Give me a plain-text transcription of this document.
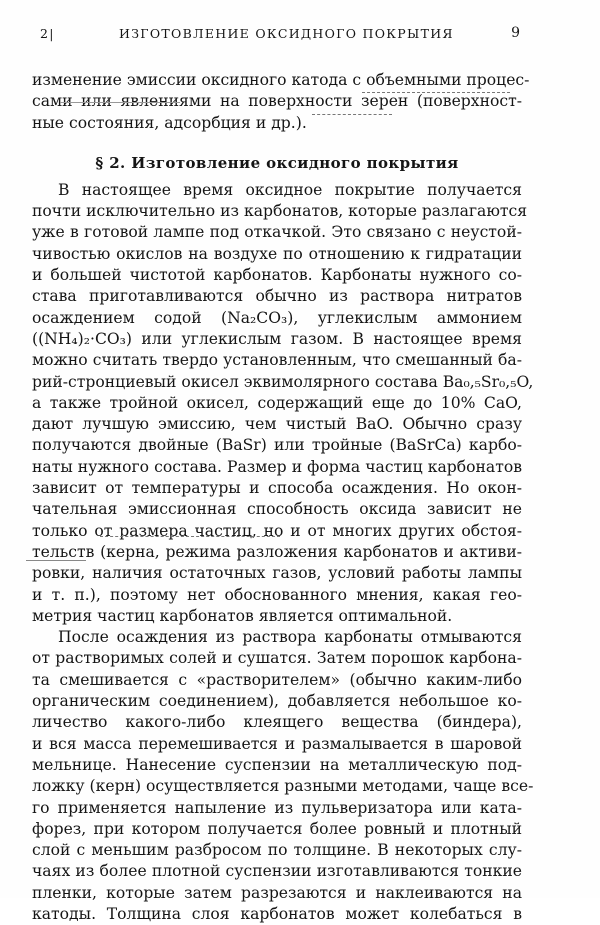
2|	ИЗГОТОВЛЕНИЕ ОКСИДНОГО ПОКРЫТИЯ	9
изменение эмиссии оксидного катода с объемными процес-
сами или явлениями на поверхности зерен (поверхност-
ные состояния, адсорбция и др.).
§ 2. Изготовление оксидного покрытия
В настоящее время оксидное покрытие получается
почти исключительно из карбонатов, которые разлагаются
уже в готовой лампе под откачкой. Это связано с неустой-
чивостью окислов на воздухе по отношению к гидратации
и большей чистотой карбонатов. Карбонаты нужного со-
става приготавливаются обычно из раствора нитратов
осаждением содой (Na₂CO₃), углекислым аммонием
((NH₄)₂·CO₃) или углекислым газом. В настоящее время
можно считать твердо установленным, что смешанный ба-
рий-стронциевый окисел эквимолярного состава Ba₀,₅Sr₀,₅O,
а также тройной окисел, содержащий еще до 10% CaO,
дают лучшую эмиссию, чем чистый BaO. Обычно сразу
получаются двойные (BaSr) или тройные (BaSrCa) карбо-
наты нужного состава. Размер и форма частиц карбонатов
зависит от температуры и способа осаждения. Но окон-
чательная эмиссионная способность оксида зависит не
только от размера частиц, но и от многих других обстоя-
тельств (керна, режима разложения карбонатов и активи-
ровки, наличия остаточных газов, условий работы лампы
и т. п.), поэтому нет обоснованного мнения, какая гео-
метрия частиц карбонатов является оптимальной.
После осаждения из раствора карбонаты отмываются
от растворимых солей и сушатся. Затем порошок карбона-
та смешивается с «растворителем» (обычно каким-либо
органическим соединением), добавляется небольшое ко-
личество какого-либо клеящего вещества (биндера),
и вся масса перемешивается и размалывается в шаровой
мельнице. Нанесение суспензии на металлическую под-
ложку (керн) осуществляется разными методами, чаще все-
го применяется напыление из пульверизатора или ката-
форез, при котором получается более ровный и плотный
слой с меньшим разбросом по толщине. В некоторых слу-
чаях из более плотной суспензии изготавливаются тонкие
пленки, которые затем разрезаются и наклеиваются на
катоды. Толщина слоя карбонатов может колебаться в
